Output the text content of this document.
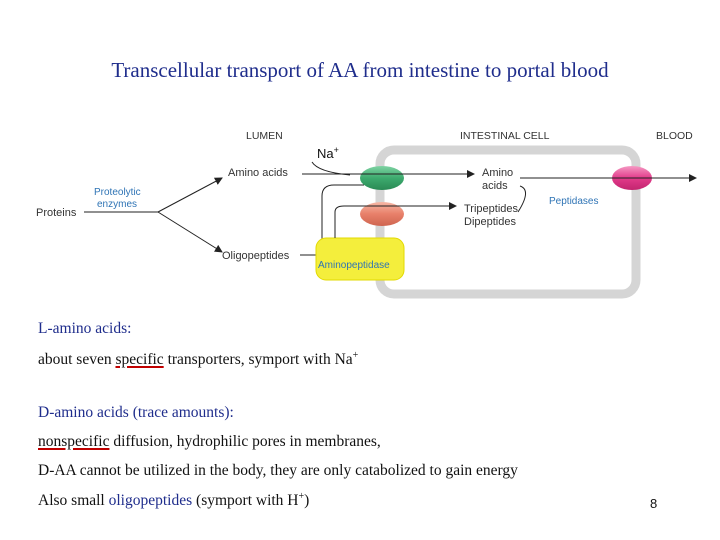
Transcellular transport of AA from intestine to portal blood
LUMEN	INTESTINAL CELL	BLOOD
Na+
Proteins
Proteolytic enzymes
Amino acids
Oligopeptides
Aminopeptidase
Amino acids
Tripeptides Dipeptides
Peptidases
L-amino acids:
about seven specific transporters, symport with Na+
D-amino acids (trace amounts):
nonspecific diffusion, hydrophilic pores in membranes,
D-AA cannot be utilized in the body, they are only catabolized to gain energy
Also small oligopeptides (symport with H+)	8
